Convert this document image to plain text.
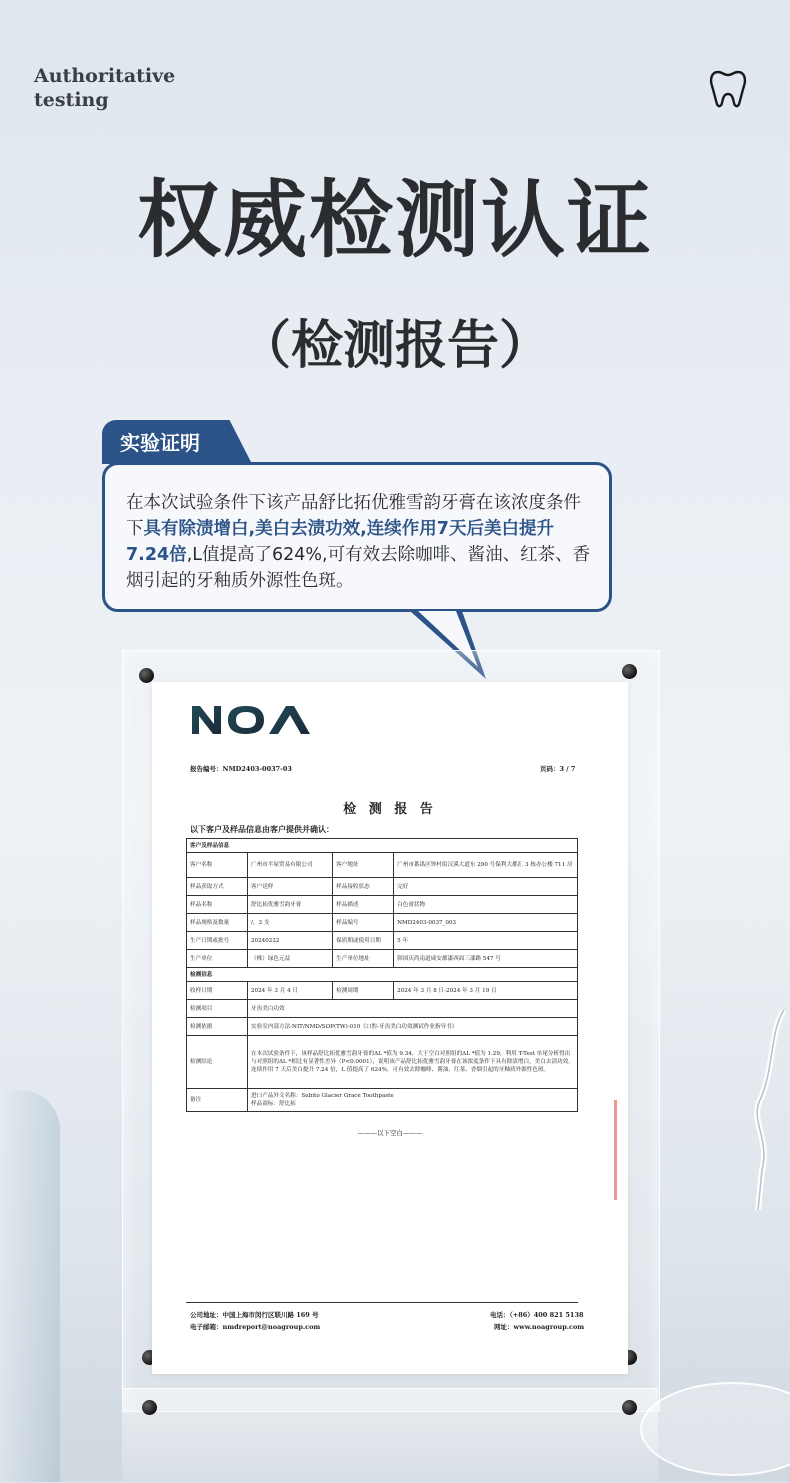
Authoritative
testing
权威检测认证
（检测报告）
实验证明
在本次试验条件下该产品舒比拓优雅雪韵牙膏在该浓度条件下具有除渍增白,美白去渍功效,连续作用7天后美白提升7.24倍,L值提高了624%,可有效去除咖啡、酱油、红茶、香烟引起的牙釉质外源性色斑。
报告编号：NMD2403-0037-03	页码：3 / 7
检 测 报 告
以下客户及样品信息由客户提供并确认：
客户及样品信息			
客户名称	广州市半屋贸易有限公司	客户地址	广州市番禺区钟村街汉溪大道东 290 号保利大都汇 3 栋办公楼 711 房
样品获取方式	客户送样	样品接收状态	完好
样品名称	舒比拓优雅雪韵牙膏	样品描述	白色膏状物
样品规格及数量	/，3 支	样品编号	NMD2403-0037_003
生产日期或批号	20240222	保质期或使用日期	5 年
生产单位	（株）绿色元益	生产单位地址	韩国庆尚南道咸安郡漆西面三漆路 547 号
检测信息			
收样日期	2024 年 3 月 4 日	检测周期	2024 年 3 月 8 日-2024 年 3 月 19 日
检测项目	牙齿美白功效		
检测依据	实验室内部方法-NIT/NMD/SOP(TW)-010《口腔-牙齿美白功效测试作业指导书》		
检测结论	在本次试验条件下，该样品舒比拓优雅雪韵牙膏的ΔL *值为 9.34，大于空白对照组的ΔL *值为 1.29，利用 T-Test 单尾分析得出与对照组的ΔL *相比有显著性差异（P<0.0001），说明该产品舒比拓优雅雪韵牙膏在该浓度条件下具有除渍增白，美白去渍功效，连续作用 7 天后美白提升 7.24 倍，L 值提高了 624%，可有效去除咖啡、酱油、红茶、香烟引起的牙釉质外源性色斑。		
备注	进口产品外文名称：Subito Glacier Grace Toothpaste
样品商标：舒比拓		
———以下空白———
公司地址：中国上海市闵行区联川路 169 号
电子邮箱：nmdreport@noagroup.com
电话：（+86）400 821 5138
网址：www.noagroup.com
